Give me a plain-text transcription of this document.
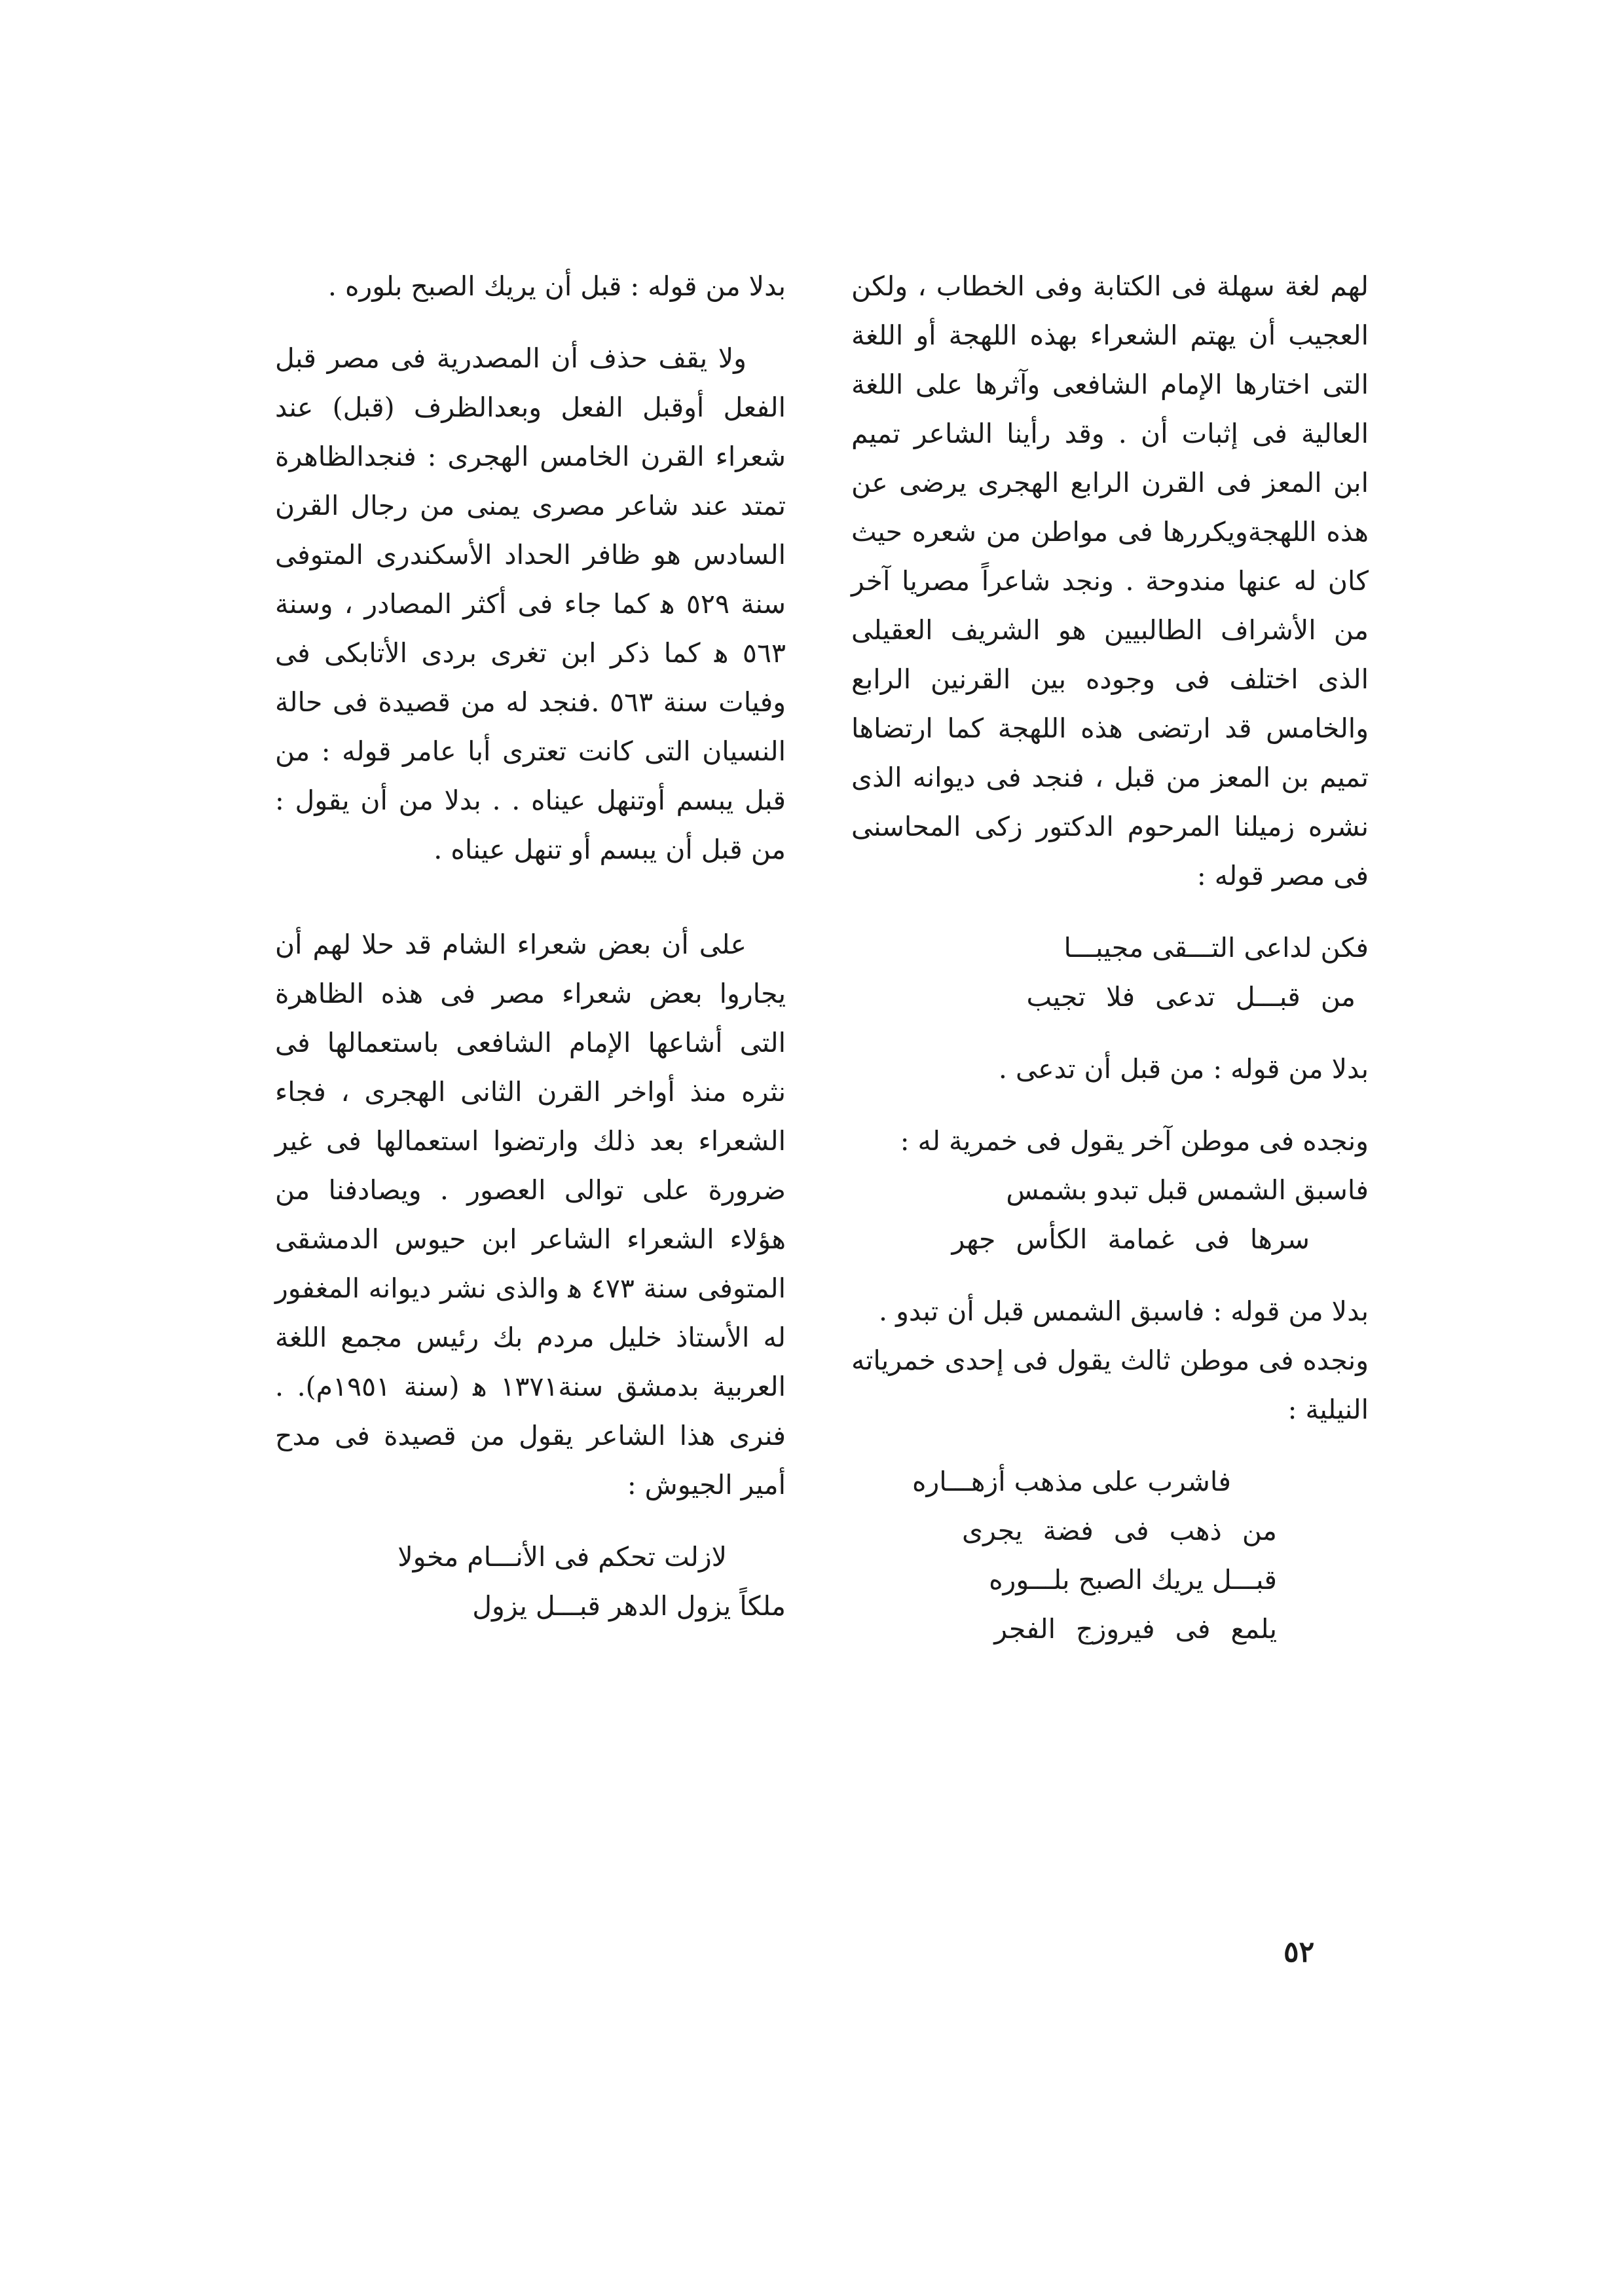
لهم لغة سهلة فى الكتابة وفى الخطاب ، ولكن العجيب أن يهتم الشعراء بهذه اللهجة أو اللغة التى اختارها الإمام الشافعى وآثرها على اللغة العالية فى إثبات أن . وقد رأينا الشاعر تميم ابن المعز فى القرن الرابع الهجرى يرضى عن هذه اللهجةويكررها فى مواطن من شعره حيث كان له عنها مندوحة . ونجد شاعراً مصريا آخر من الأشراف الطالبيين هو الشريف العقيلى الذى اختلف فى وجوده بين القرنين الرابع والخامس قد ارتضى هذه اللهجة كما ارتضاها تميم بن المعز من قبل ، فنجد فى ديوانه الذى نشره زميلنا المرحوم الدكتور زكى المحاسنى فى مصر قوله :

فكن لداعى التـــقى مجيبـــا

من قبـــل تدعى فلا تجيب

بدلا من قوله : من قبل أن تدعى .

ونجده فى موطن آخر يقول فى خمرية له :

فاسبق الشمس قبل تبدو بشمس

سرها فى غمامة الكأس جهر

بدلا من قوله : فاسبق الشمس قبل أن تبدو .

ونجده فى موطن ثالث يقول فى إحدى خمرياته النيلية :

فاشرب على مذهب أزهـــاره

من ذهب فى فضة يجرى

قبـــل يريك الصبح بلـــوره

يلمع فى فيروزج الفجر

بدلا من قوله : قبل أن يريك الصبح بلوره .

ولا يقف حذف أن المصدرية فى مصر قبل الفعل أوقبل الفعل وبعدالظرف (قبل) عند شعراء القرن الخامس الهجرى : فنجدالظاهرة تمتد عند شاعر مصرى يمنى من رجال القرن السادس هو ظافر الحداد الأسكندرى المتوفى سنة ٥٢٩ ﻫ كما جاء فى أكثر المصادر ، وسنة ٥٦٣ ﻫ كما ذكر ابن تغرى بردى الأتابكى فى وفيات سنة ٥٦٣ .فنجد له من قصيدة فى حالة النسيان التى كانت تعترى أبا عامر قوله : من قبل يبسم أوتنهل عيناه . . بدلا من أن يقول : من قبل أن يبسم أو تنهل عيناه .

على أن بعض شعراء الشام قد حلا لهم أن يجاروا بعض شعراء مصر فى هذه الظاهرة التى أشاعها الإمام الشافعى باستعمالها فى نثره منذ أواخر القرن الثانى الهجرى ، فجاء الشعراء بعد ذلك وارتضوا استعمالها فى غير ضرورة على توالى العصور . ويصادفنا من هؤلاء الشعراء الشاعر ابن حيوس الدمشقى المتوفى سنة ٤٧٣ ﻫ والذى نشر ديوانه المغفور له الأستاذ خليل مردم بك رئيس مجمع اللغة العربية بدمشق سنة١٣٧١ ﻫ (سنة ١٩٥١م). . فنرى هذا الشاعر يقول من قصيدة فى مدح أمير الجيوش :

لازلت تحكم فى الأنـــام مخولا

ملكاً يزول الدهر قبـــل يزول

٥٢
